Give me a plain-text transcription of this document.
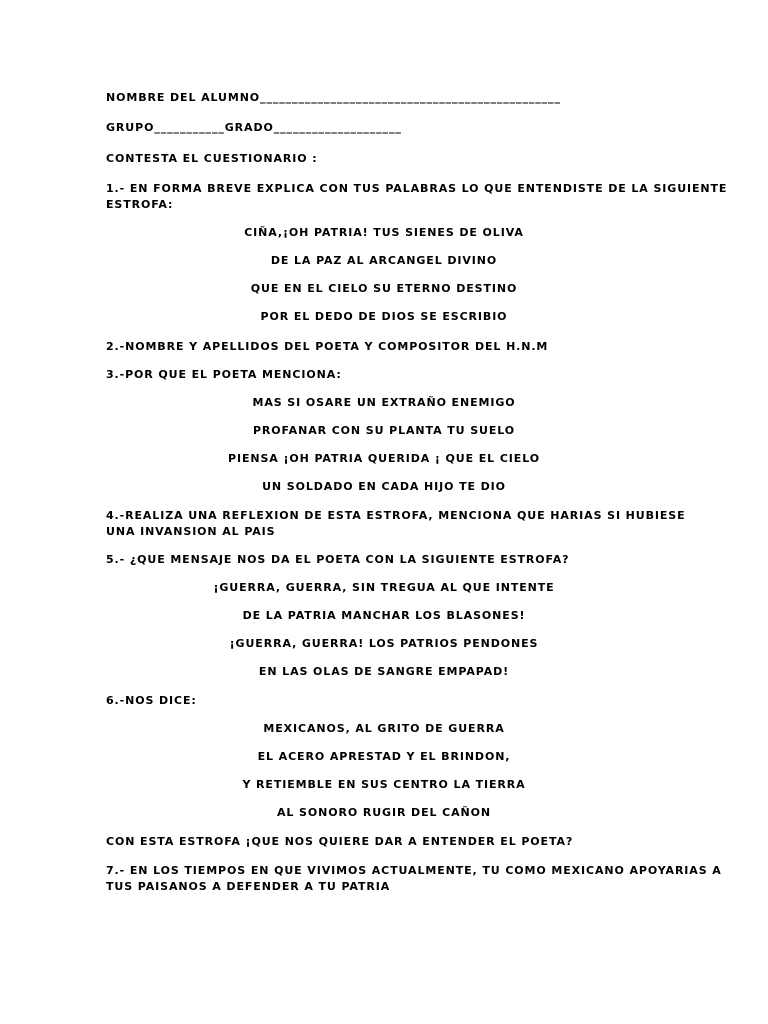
NOMBRE DEL ALUMNO_______________________________________________
GRUPO___________GRADO____________________
CONTESTA EL CUESTIONARIO :
1.- EN FORMA BREVE EXPLICA CON TUS PALABRAS LO QUE ENTENDISTE DE LA SIGUIENTE
ESTROFA:
CIÑA,¡OH PATRIA! TUS SIENES DE OLIVA
DE LA PAZ AL ARCANGEL DIVINO
QUE EN EL CIELO SU ETERNO DESTINO
POR EL DEDO DE DIOS SE ESCRIBIO
2.-NOMBRE Y APELLIDOS DEL POETA Y COMPOSITOR DEL H.N.M
3.-POR QUE EL POETA MENCIONA:
MAS SI OSARE UN EXTRAÑO ENEMIGO
PROFANAR CON SU PLANTA TU SUELO
PIENSA ¡OH PATRIA QUERIDA ¡ QUE EL CIELO
UN SOLDADO EN CADA HIJO TE DIO
4.-REALIZA UNA REFLEXION DE ESTA ESTROFA, MENCIONA QUE HARIAS SI HUBIESE
UNA INVANSION AL PAIS
5.- ¿QUE MENSAJE NOS DA EL POETA CON LA SIGUIENTE ESTROFA?
¡GUERRA, GUERRA, SIN TREGUA AL QUE INTENTE
DE LA PATRIA MANCHAR LOS BLASONES!
¡GUERRA, GUERRA! LOS PATRIOS PENDONES
EN LAS OLAS DE SANGRE EMPAPAD!
6.-NOS DICE:
MEXICANOS, AL GRITO DE GUERRA
EL ACERO APRESTAD Y EL BRINDON,
Y RETIEMBLE EN SUS CENTRO LA TIERRA
AL SONORO RUGIR DEL CAÑON
CON ESTA ESTROFA ¡QUE NOS QUIERE DAR A ENTENDER EL POETA?
7.- EN LOS TIEMPOS EN QUE VIVIMOS ACTUALMENTE, TU COMO MEXICANO APOYARIAS A
TUS PAISANOS A DEFENDER A TU PATRIA
